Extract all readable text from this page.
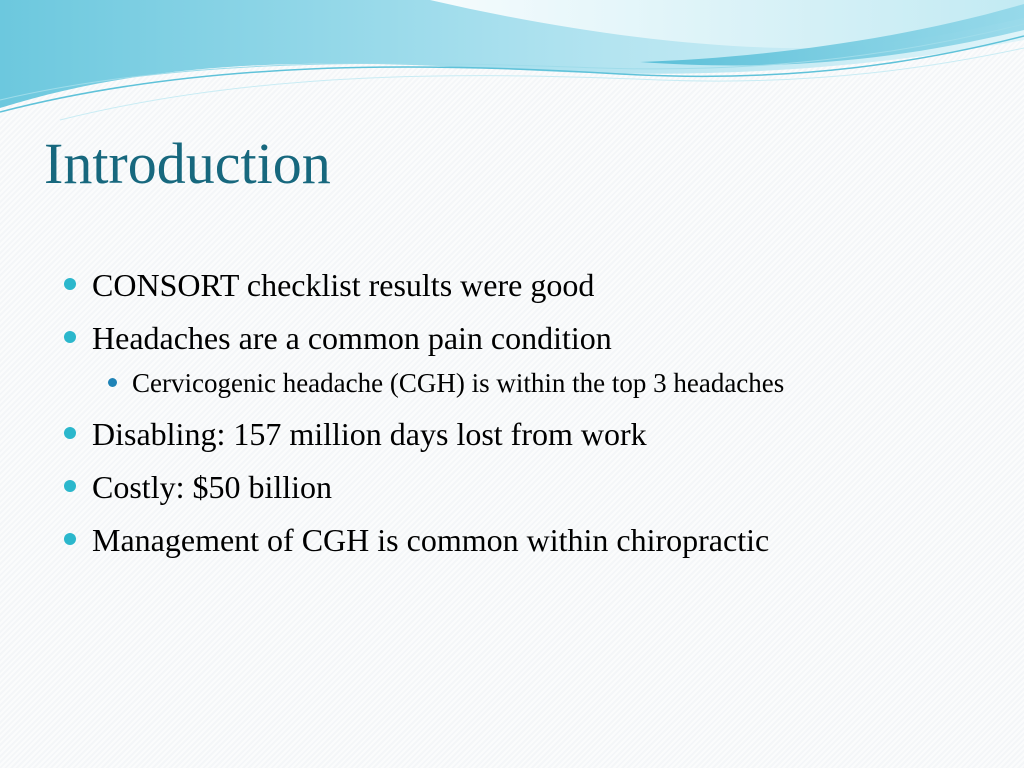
Introduction
CONSORT checklist results were good
Headaches are a common pain condition
Cervicogenic headache (CGH) is within the top 3 headaches
Disabling: 157 million days lost from work
Costly: $50 billion
Management of CGH is common within chiropractic
